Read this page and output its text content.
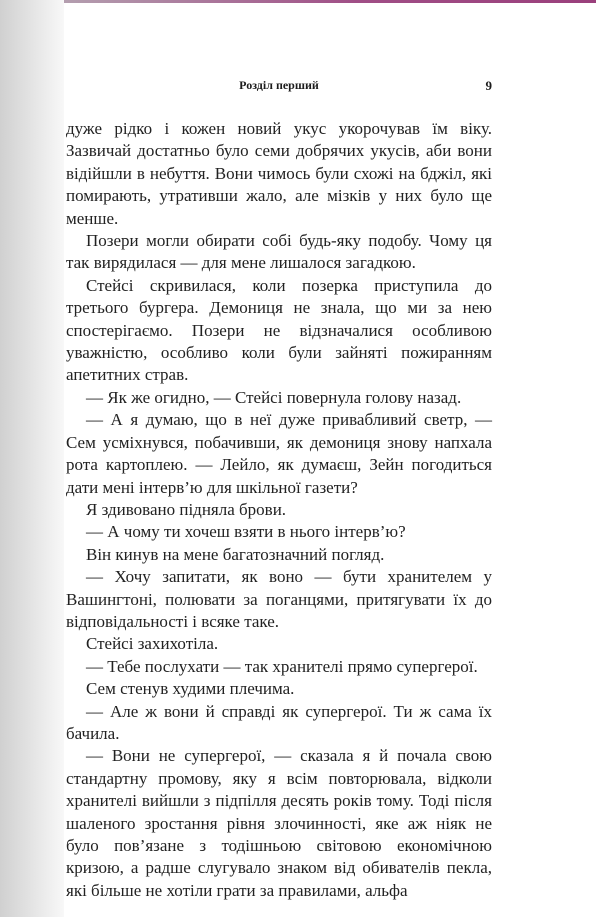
Розділ перший	9

дуже рідко і кожен новий укус укорочував їм віку. Зазвичай достатньо було семи добрячих укусів, аби вони відійшли в небуття. Вони чимось були схожі на бджіл, які помирають, утративши жало, але мізків у них було ще менше.

Позери могли обирати собі будь-яку подобу. Чому ця так вирядилася — для мене лишалося загадкою.

Стейсі скривилася, коли позерка приступила до третього бургера. Демониця не знала, що ми за нею спостерігаємо. Позери не відзначалися особливою уважністю, особливо коли були зайняті пожиранням апетитних страв.

— Як же огидно, — Стейсі повернула голову назад.

— А я думаю, що в неї дуже привабливий светр, — Сем усміхнувся, побачивши, як демониця знову напхала рота картоплею. — Лейло, як думаєш, Зейн погодиться дати мені інтерв’ю для шкільної газети?

Я здивовано підняла брови.

— А чому ти хочеш взяти в нього інтерв’ю?

Він кинув на мене багатозначний погляд.

— Хочу запитати, як воно — бути хранителем у Вашингтоні, полювати за поганцями, притягувати їх до відповідальності і всяке таке.

Стейсі захихотіла.

— Тебе послухати — так хранителі прямо супергерої.

Сем стенув худими плечима.

— Але ж вони й справді як супергерої. Ти ж сама їх бачила.

— Вони не супергерої, — сказала я й почала свою стандартну промову, яку я всім повторювала, відколи хранителі вийшли з підпілля десять років тому. Тоді після шаленого зростання рівня злочинності, яке аж ніяк не було пов’язане з тодішньою світовою економічною кризою, а радше слугувало знаком від обивателів пекла, які більше не хотіли грати за правилами, альфа
